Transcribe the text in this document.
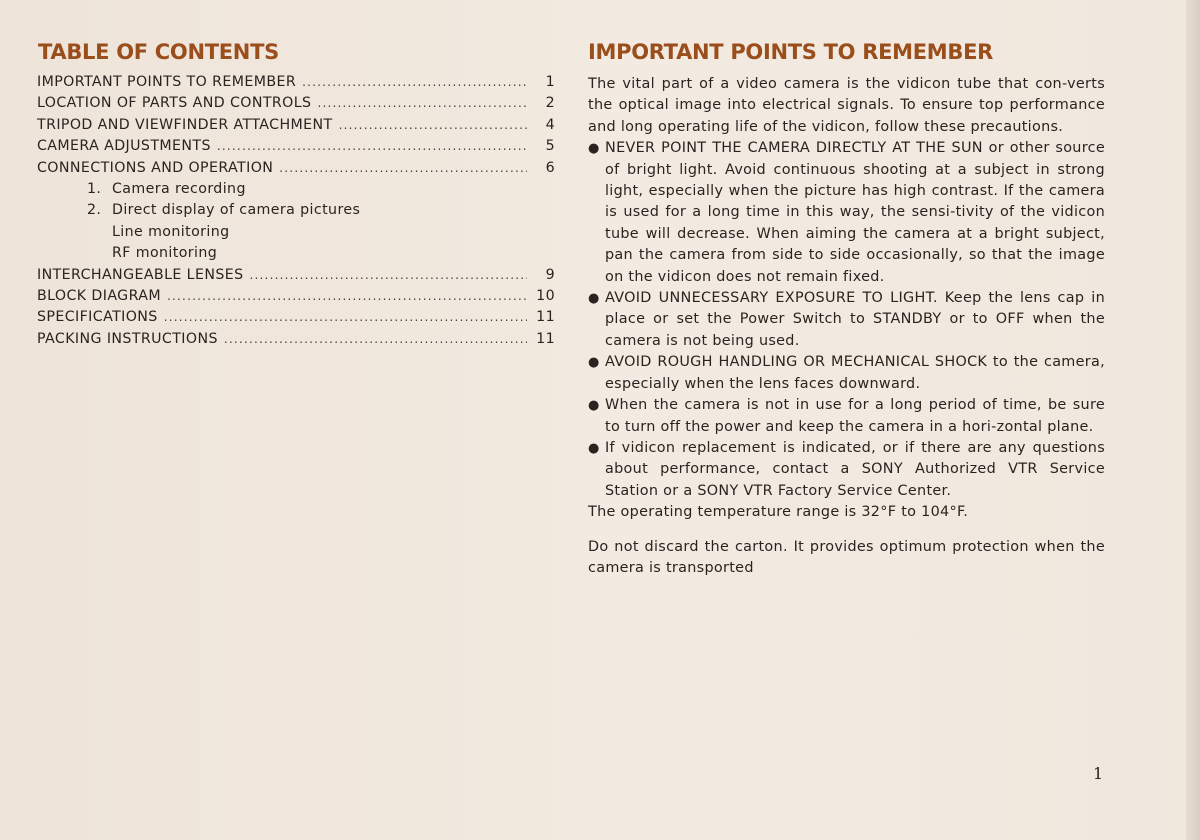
TABLE OF CONTENTS
IMPORTANT POINTS TO REMEMBER .....	1
LOCATION OF PARTS AND CONTROLS .....	2
TRIPOD AND VIEWFINDER ATTACHMENT .....	4
CAMERA ADJUSTMENTS .....	5
CONNECTIONS AND OPERATION .....	6
1. Camera recording
2. Direct display of camera pictures
Line monitoring
RF monitoring
INTERCHANGEABLE LENSES .....	9
BLOCK DIAGRAM .....	10
SPECIFICATIONS .....	11
PACKING INSTRUCTIONS .....	11
IMPORTANT POINTS TO REMEMBER

The vital part of a video camera is the vidicon tube that con-verts the optical image into electrical signals. To ensure top performance and long operating life of the vidicon, follow these precautions.

● NEVER POINT THE CAMERA DIRECTLY AT THE SUN or other source of bright light. Avoid continuous shooting at a subject in strong light, especially when the picture has high contrast. If the camera is used for a long time in this way, the sensi-tivity of the vidicon tube will decrease. When aiming the camera at a bright subject, pan the camera from side to side occasionally, so that the image on the vidicon does not remain fixed.
● AVOID UNNECESSARY EXPOSURE TO LIGHT. Keep the lens cap in place or set the Power Switch to STANDBY or to OFF when the camera is not being used.
● AVOID ROUGH HANDLING OR MECHANICAL SHOCK to the camera, especially when the lens faces downward.
● When the camera is not in use for a long period of time, be sure to turn off the power and keep the camera in a hori-zontal plane.
● If vidicon replacement is indicated, or if there are any questions about performance, contact a SONY Authorized VTR Service Station or a SONY VTR Factory Service Center.

The operating temperature range is 32°F to 104°F.

Do not discard the carton. It provides optimum protection when the camera is transported

1
